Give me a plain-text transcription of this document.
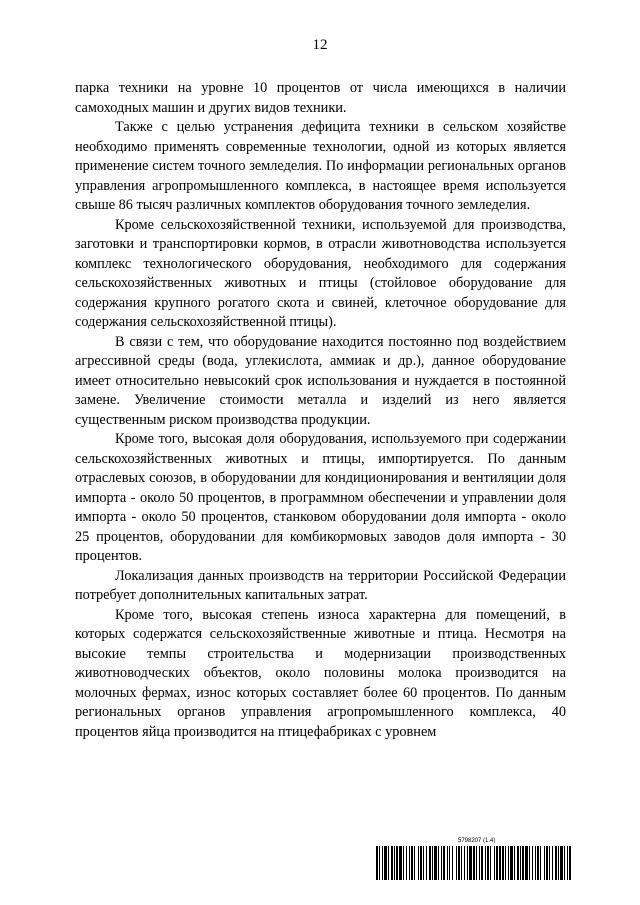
12

парка техники на уровне 10 процентов от числа имеющихся в наличии самоходных машин и других видов техники.

Также с целью устранения дефицита техники в сельском хозяйстве необходимо применять современные технологии, одной из которых является применение систем точного земледелия. По информации региональных органов управления агропромышленного комплекса, в настоящее время используется свыше 86 тысяч различных комплектов оборудования точного земледелия.

Кроме сельскохозяйственной техники, используемой для производства, заготовки и транспортировки кормов, в отрасли животноводства используется комплекс технологического оборудования, необходимого для содержания сельскохозяйственных животных и птицы (стойловое оборудование для содержания крупного рогатого скота и свиней, клеточное оборудование для содержания сельскохозяйственной птицы).

В связи с тем, что оборудование находится постоянно под воздействием агрессивной среды (вода, углекислота, аммиак и др.), данное оборудование имеет относительно невысокий срок использования и нуждается в постоянной замене. Увеличение стоимости металла и изделий из него является существенным риском производства продукции.

Кроме того, высокая доля оборудования, используемого при содержании сельскохозяйственных животных и птицы, импортируется. По данным отраслевых союзов, в оборудовании для кондиционирования и вентиляции доля импорта - около 50 процентов, в программном обеспечении и управлении доля импорта - около 50 процентов, станковом оборудовании доля импорта - около 25 процентов, оборудовании для комбикормовых заводов доля импорта - 30 процентов.

Локализация данных производств на территории Российской Федерации потребует дополнительных капитальных затрат.

Кроме того, высокая степень износа характерна для помещений, в которых содержатся сельскохозяйственные животные и птица. Несмотря на высокие темпы строительства и модернизации производственных животноводческих объектов, около половины молока производится на молочных фермах, износ которых составляет более 60 процентов. По данным региональных органов управления агропромышленного комплекса, 40 процентов яйца производится на птицефабриках с уровнем

5798207 (1.4)
